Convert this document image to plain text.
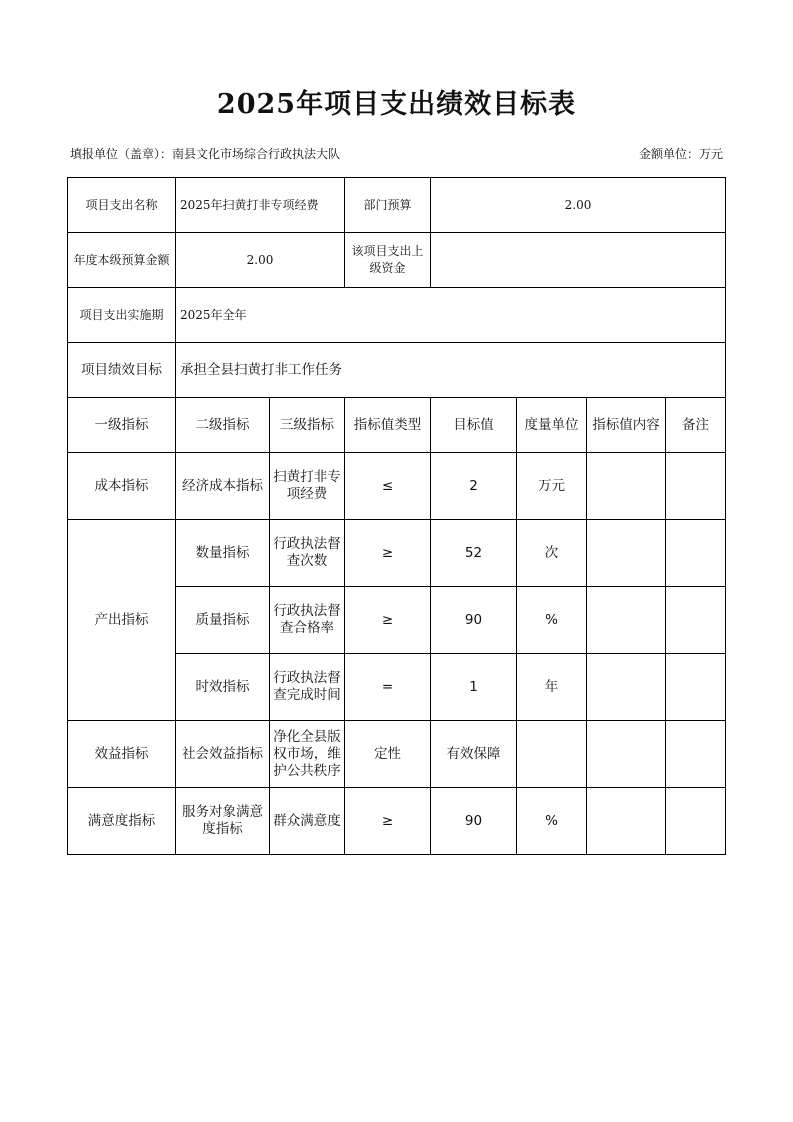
2025年项目支出绩效目标表
填报单位（盖章）：南县文化市场综合行政执法大队	金额单位：万元
项目支出名称	2025年扫黄打非专项经费		部门预算	2.00			
年度本级预算金额	2.00		该项目支出上级资金				
项目支出实施期	2025年全年						
项目绩效目标	承担全县扫黄打非工作任务						
一级指标	二级指标	三级指标	指标值类型	目标值	度量单位	指标值内容	备注
成本指标	经济成本指标	扫黄打非专项经费	≤	2	万元		
产出指标	数量指标	行政执法督查次数	≥	52	次		
	质量指标	行政执法督查合格率	≥	90	%		
	时效指标	行政执法督查完成时间	=	1	年		
效益指标	社会效益指标	净化全县版权市场，维护公共秩序	定性	有效保障			
满意度指标	服务对象满意度指标	群众满意度	≥	90	%		
